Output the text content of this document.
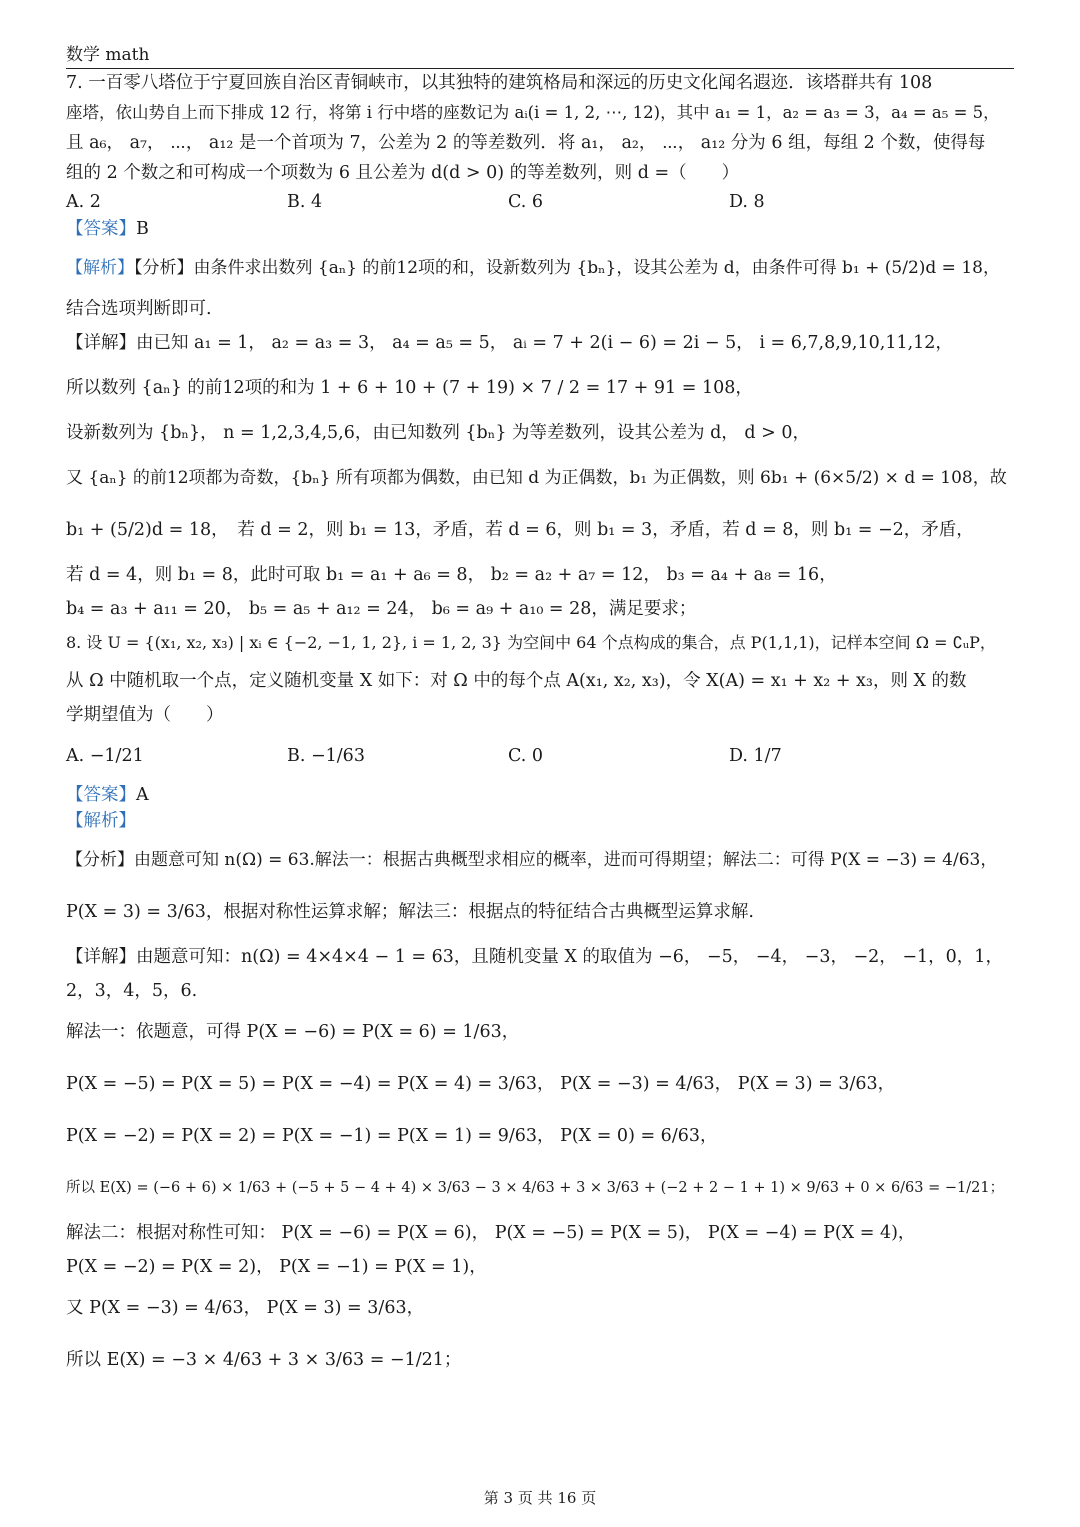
数学 math
7. 一百零八塔位于宁夏回族自治区青铜峡市，以其独特的建筑格局和深远的历史文化闻名遐迩．该塔群共有 108
座塔，依山势自上而下排成 12 行，将第 i 行中塔的座数记为 aᵢ(i = 1, 2, ⋯, 12)，其中 a₁ = 1，a₂ = a₃ = 3，a₄ = a₅ = 5，
且 a₆， a₇， ⋯， a₁₂ 是一个首项为 7，公差为 2 的等差数列．将 a₁， a₂， ⋯， a₁₂ 分为 6 组，每组 2 个数，使得每
组的 2 个数之和可构成一个项数为 6 且公差为 d(d > 0) 的等差数列，则 d =（　　）
A. 2	B. 4	C. 6	D. 8
【答案】B
【解析】【分析】由条件求出数列 {aₙ} 的前12项的和，设新数列为 {bₙ}，设其公差为 d，由条件可得 b₁ + (5/2)d = 18，
结合选项判断即可.
【详解】由已知 a₁ = 1， a₂ = a₃ = 3， a₄ = a₅ = 5， aᵢ = 7 + 2(i − 6) = 2i − 5， i = 6,7,8,9,10,11,12，
所以数列 {aₙ} 的前12项的和为 1 + 6 + 10 + (7 + 19) × 7 / 2 = 17 + 91 = 108，
设新数列为 {bₙ}， n = 1,2,3,4,5,6，由已知数列 {bₙ} 为等差数列，设其公差为 d， d > 0，
又 {aₙ} 的前12项都为奇数，{bₙ} 所有项都为偶数，由已知 d 为正偶数，b₁ 为正偶数，则 6b₁ + (6×5/2) × d = 108，故
b₁ + (5/2)d = 18，　若 d = 2，则 b₁ = 13，矛盾，若 d = 6，则 b₁ = 3，矛盾，若 d = 8，则 b₁ = −2，矛盾，
若 d = 4，则 b₁ = 8，此时可取 b₁ = a₁ + a₆ = 8， b₂ = a₂ + a₇ = 12， b₃ = a₄ + a₈ = 16，
b₄ = a₃ + a₁₁ = 20， b₅ = a₅ + a₁₂ = 24， b₆ = a₉ + a₁₀ = 28，满足要求；
8. 设 U = {(x₁, x₂, x₃) | xᵢ ∈ {−2, −1, 1, 2}, i = 1, 2, 3} 为空间中 64 个点构成的集合，点 P(1,1,1)，记样本空间 Ω = ∁ᵤP，
从 Ω 中随机取一个点，定义随机变量 X 如下：对 Ω 中的每个点 A(x₁, x₂, x₃)，令 X(A) = x₁ + x₂ + x₃，则 X 的数
学期望值为（　　）
A. −1/21	B. −1/63	C. 0	D. 1/7
【答案】A
【解析】
【分析】由题意可知 n(Ω) = 63.解法一：根据古典概型求相应的概率，进而可得期望；解法二：可得 P(X = −3) = 4/63，
P(X = 3) = 3/63，根据对称性运算求解；解法三：根据点的特征结合古典概型运算求解.
【详解】由题意可知：n(Ω) = 4×4×4 − 1 = 63，且随机变量 X 的取值为 −6， −5， −4， −3， −2， −1，0，1，
2，3，4，5，6.
解法一：依题意，可得 P(X = −6) = P(X = 6) = 1/63，
P(X = −5) = P(X = 5) = P(X = −4) = P(X = 4) = 3/63， P(X = −3) = 4/63， P(X = 3) = 3/63，
P(X = −2) = P(X = 2) = P(X = −1) = P(X = 1) = 9/63， P(X = 0) = 6/63，
所以 E(X) = (−6 + 6) × 1/63 + (−5 + 5 − 4 + 4) × 3/63 − 3 × 4/63 + 3 × 3/63 + (−2 + 2 − 1 + 1) × 9/63 + 0 × 6/63 = −1/21；
解法二：根据对称性可知： P(X = −6) = P(X = 6)， P(X = −5) = P(X = 5)， P(X = −4) = P(X = 4)，
P(X = −2) = P(X = 2)， P(X = −1) = P(X = 1)，
又 P(X = −3) = 4/63， P(X = 3) = 3/63，
所以 E(X) = −3 × 4/63 + 3 × 3/63 = −1/21；
第 3 页 共 16 页
